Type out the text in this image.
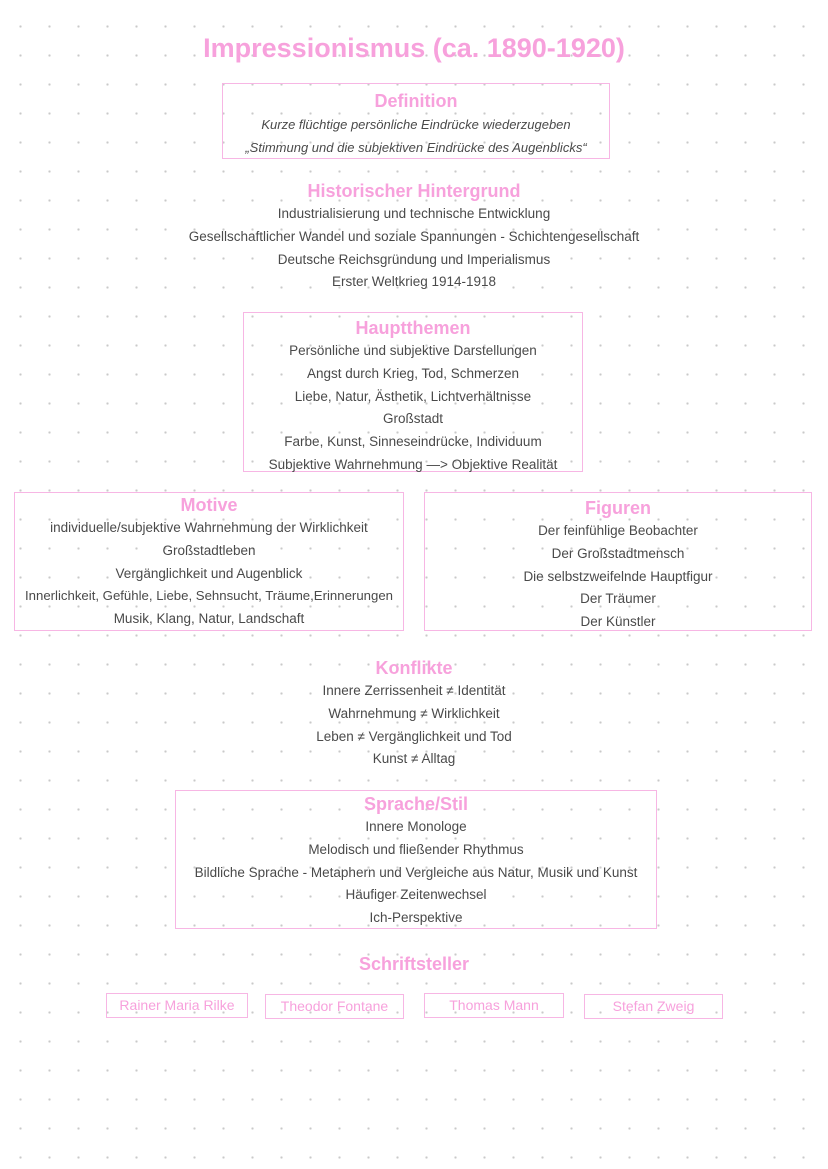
Impressionismus (ca. 1890-1920)
Definition
Kurze flüchtige persönliche Eindrücke wiederzugeben
„Stimmung und die subjektiven Eindrücke des Augenblicks“
Historischer Hintergrund
Industrialisierung und technische Entwicklung
Gesellschaftlicher Wandel und soziale Spannungen - Schichtengesellschaft
Deutsche Reichsgründung und Imperialismus
Erster Weltkrieg 1914-1918
Hauptthemen
Persönliche und subjektive Darstellungen
Angst durch Krieg, Tod, Schmerzen
Liebe, Natur, Ästhetik, Lichtverhältnisse
Großstadt
Farbe, Kunst, Sinneseindrücke, Individuum
Subjektive Wahrnehmung —> Objektive Realität
Motive
individuelle/subjektive Wahrnehmung der Wirklichkeit
Großstadtleben
Vergänglichkeit und Augenblick
Innerlichkeit, Gefühle, Liebe, Sehnsucht, Träume,Erinnerungen
Musik, Klang, Natur, Landschaft
Figuren
Der feinfühlige Beobachter
Der Großstadtmensch
Die selbstzweifelnde Hauptfigur
Der Träumer
Der Künstler
Konflikte
Innere Zerrissenheit ≠ Identität
Wahrnehmung ≠ Wirklichkeit
Leben ≠ Vergänglichkeit und Tod
Kunst ≠ Alltag
Sprache/Stil
Innere Monologe
Melodisch und fließender Rhythmus
Bildliche Sprache - Metaphern und Vergleiche aus Natur, Musik und Kunst
Häufiger Zeitenwechsel
Ich-Perspektive
Schriftsteller
Rainer Maria Rilke	Theodor Fontane	Thomas Mann	Stefan Zweig
